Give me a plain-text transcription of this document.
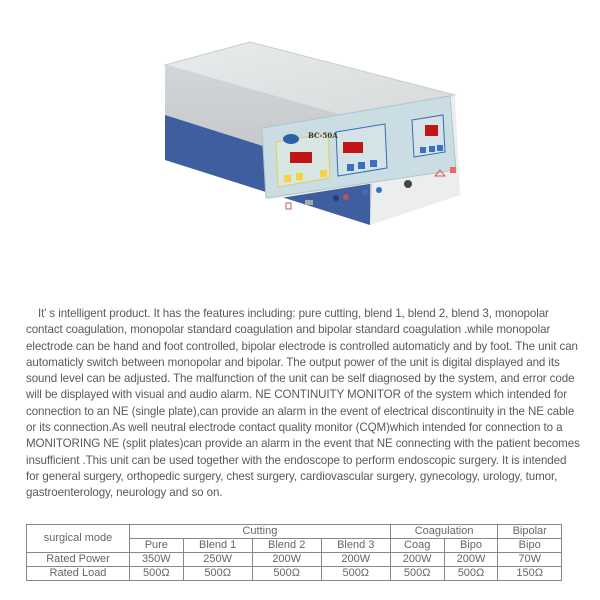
BC-50A
It’ s intelligent product. It has the features including: pure cutting, blend 1, blend 2, blend 3, monopolar contact coagulation, monopolar standard coagulation and bipolar standard coagulation .while monopolar electrode can be hand and foot controlled, bipolar electrode is controlled automaticly and by foot. The unit can automaticly switch between monopolar and bipolar. The output power of the unit is digital displayed and its sound level can be adjusted. The malfunction of the unit can be self diagnosed by the system, and error code will be displayed with visual and audio alarm. NE CONTINUITY MONITOR of the system which intended for connection to an NE (single plate),can provide an alarm in the event of electrical discontinuity in the NE cable or its connection.As well neutral electrode contact quality monitor (CQM)which intended for connection to a MONITORING NE (split plates)can provide an alarm in the event that NE connecting with the patient becomes insufficient .This unit can be used together with the endoscope to perform endoscopic surgery. It is intended for general surgery, orthopedic surgery, chest surgery, cardiovascular surgery, gynecology, urology, tumor, gastroenterology, neurology and so on.
surgical mode	Cutting				Coagulation		Bipolar
	Pure	Blend 1	Blend 2	Blend 3	Coag	Bipo	Bipo
Rated Power	350W	250W	200W	200W	200W	200W	70W
Rated Load	500Ω	500Ω	500Ω	500Ω	500Ω	500Ω	150Ω
